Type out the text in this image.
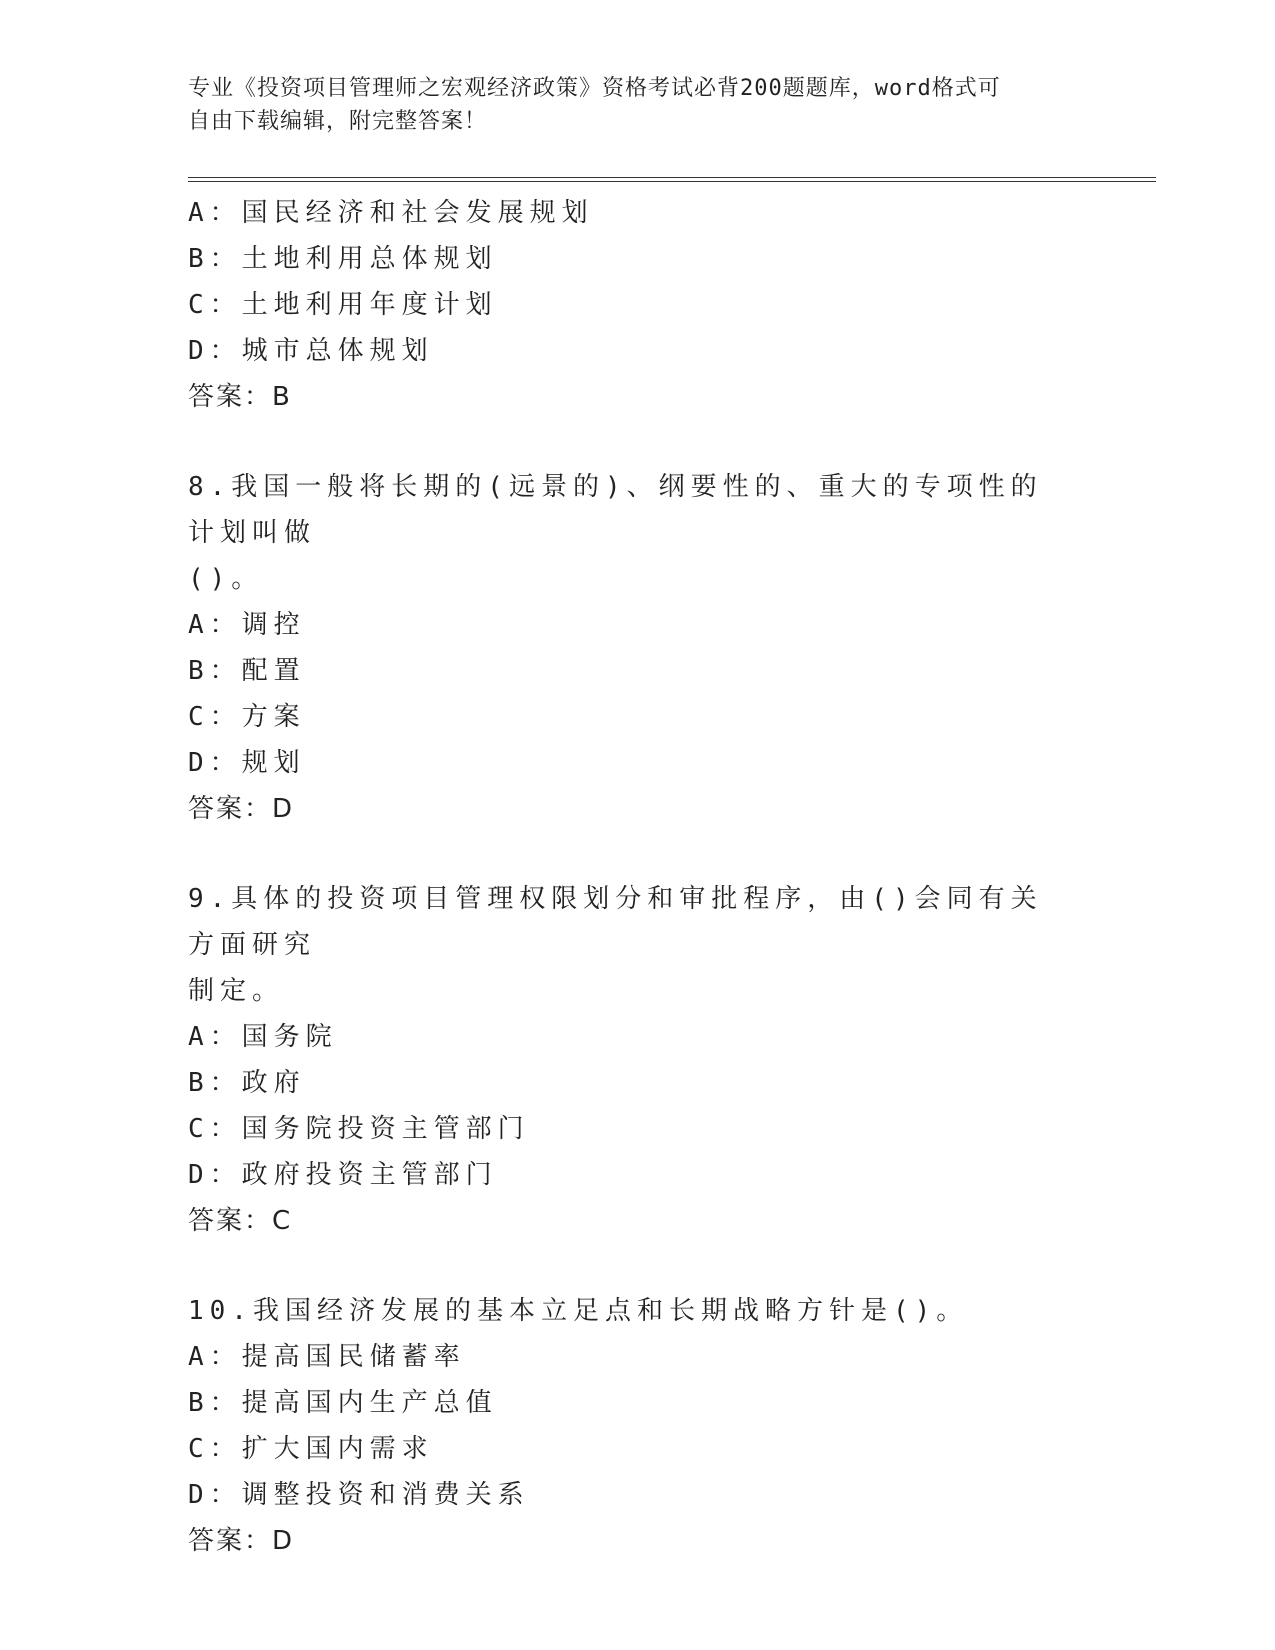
专业《投资项目管理师之宏观经济政策》资格考试必背200题题库，word格式可
自由下载编辑，附完整答案！
A：国民经济和社会发展规划
B：土地利用总体规划
C：土地利用年度计划
D：城市总体规划
答案：B
8.我国一般将长期的(远景的)、纲要性的、重大的专项性的计划叫做
()。
A：调控
B：配置
C：方案
D：规划
答案：D
9.具体的投资项目管理权限划分和审批程序，由()会同有关方面研究
制定。
A：国务院
B：政府
C：国务院投资主管部门
D：政府投资主管部门
答案：C
10.我国经济发展的基本立足点和长期战略方针是()。
A：提高国民储蓄率
B：提高国内生产总值
C：扩大国内需求
D：调整投资和消费关系
答案：D
